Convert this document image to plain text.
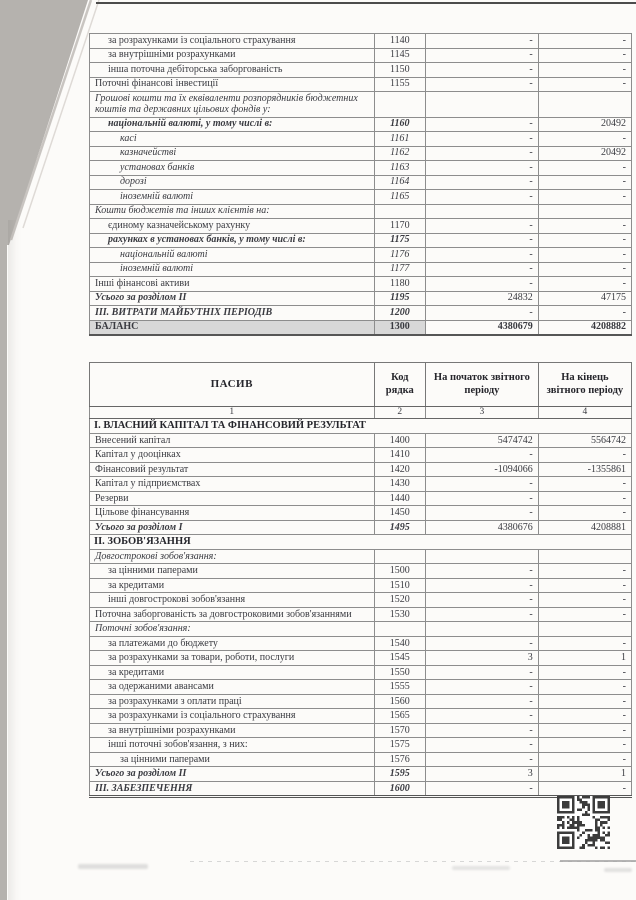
за розрахунками із соціального страхування	1140	-	-
за внутрішніми розрахунками	1145	-	-
інша поточна дебіторська заборгованість	1150	-	-
Поточні фінансові інвестиції	1155	-	-
Грошові кошти та їх еквіваленти розпорядників бюджетних коштів та державних цільових фондів у:			
національній валюті, у тому числі в:	1160	-	20492
касі	1161	-	-
казначействі	1162	-	20492
установах банків	1163	-	-
дорозі	1164	-	-
іноземній валюті	1165	-	-
Кошти бюджетів та інших клієнтів на:			
єдиному казначейському рахунку	1170	-	-
рахунках в установах банків, у тому числі в:	1175	-	-
національній валюті	1176	-	-
іноземній валюті	1177	-	-
Інші фінансові активи	1180	-	-
Усього за розділом ІІ	1195	24832	47175
ІІІ. ВИТРАТИ МАЙБУТНІХ ПЕРІОДІВ	1200	-	-
БАЛАНС	1300	4380679	4208882
ПАСИВ	Код рядка	На початок звітного періоду	На кінець звітного періоду
1	2	3	4
І. ВЛАСНИЙ КАПІТАЛ ТА ФІНАНСОВИЙ РЕЗУЛЬТАТ			
Внесений капітал	1400	5474742	5564742
Капітал у дооцінках	1410	-	-
Фінансовий результат	1420	-1094066	-1355861
Капітал у підприємствах	1430	-	-
Резерви	1440	-	-
Цільове фінансування	1450	-	-
Усього за розділом І	1495	4380676	4208881
ІІ. ЗОБОВ'ЯЗАННЯ			
Довгострокові зобов'язання:			
за цінними паперами	1500	-	-
за кредитами	1510	-	-
інші довгострокові зобов'язання	1520	-	-
Поточна заборгованість за довгостроковими зобов'язаннями	1530	-	-
Поточні зобов'язання:			
за платежами до бюджету	1540	-	-
за розрахунками за товари, роботи, послуги	1545	3	1
за кредитами	1550	-	-
за одержаними авансами	1555	-	-
за розрахунками з оплати праці	1560	-	-
за розрахунками із соціального страхування	1565	-	-
за внутрішніми розрахунками	1570	-	-
інші поточні зобов'язання, з них:	1575	-	-
за цінними паперами	1576	-	-
Усього за розділом ІІ	1595	3	1
ІІІ. ЗАБЕЗПЕЧЕННЯ	1600	-	-
